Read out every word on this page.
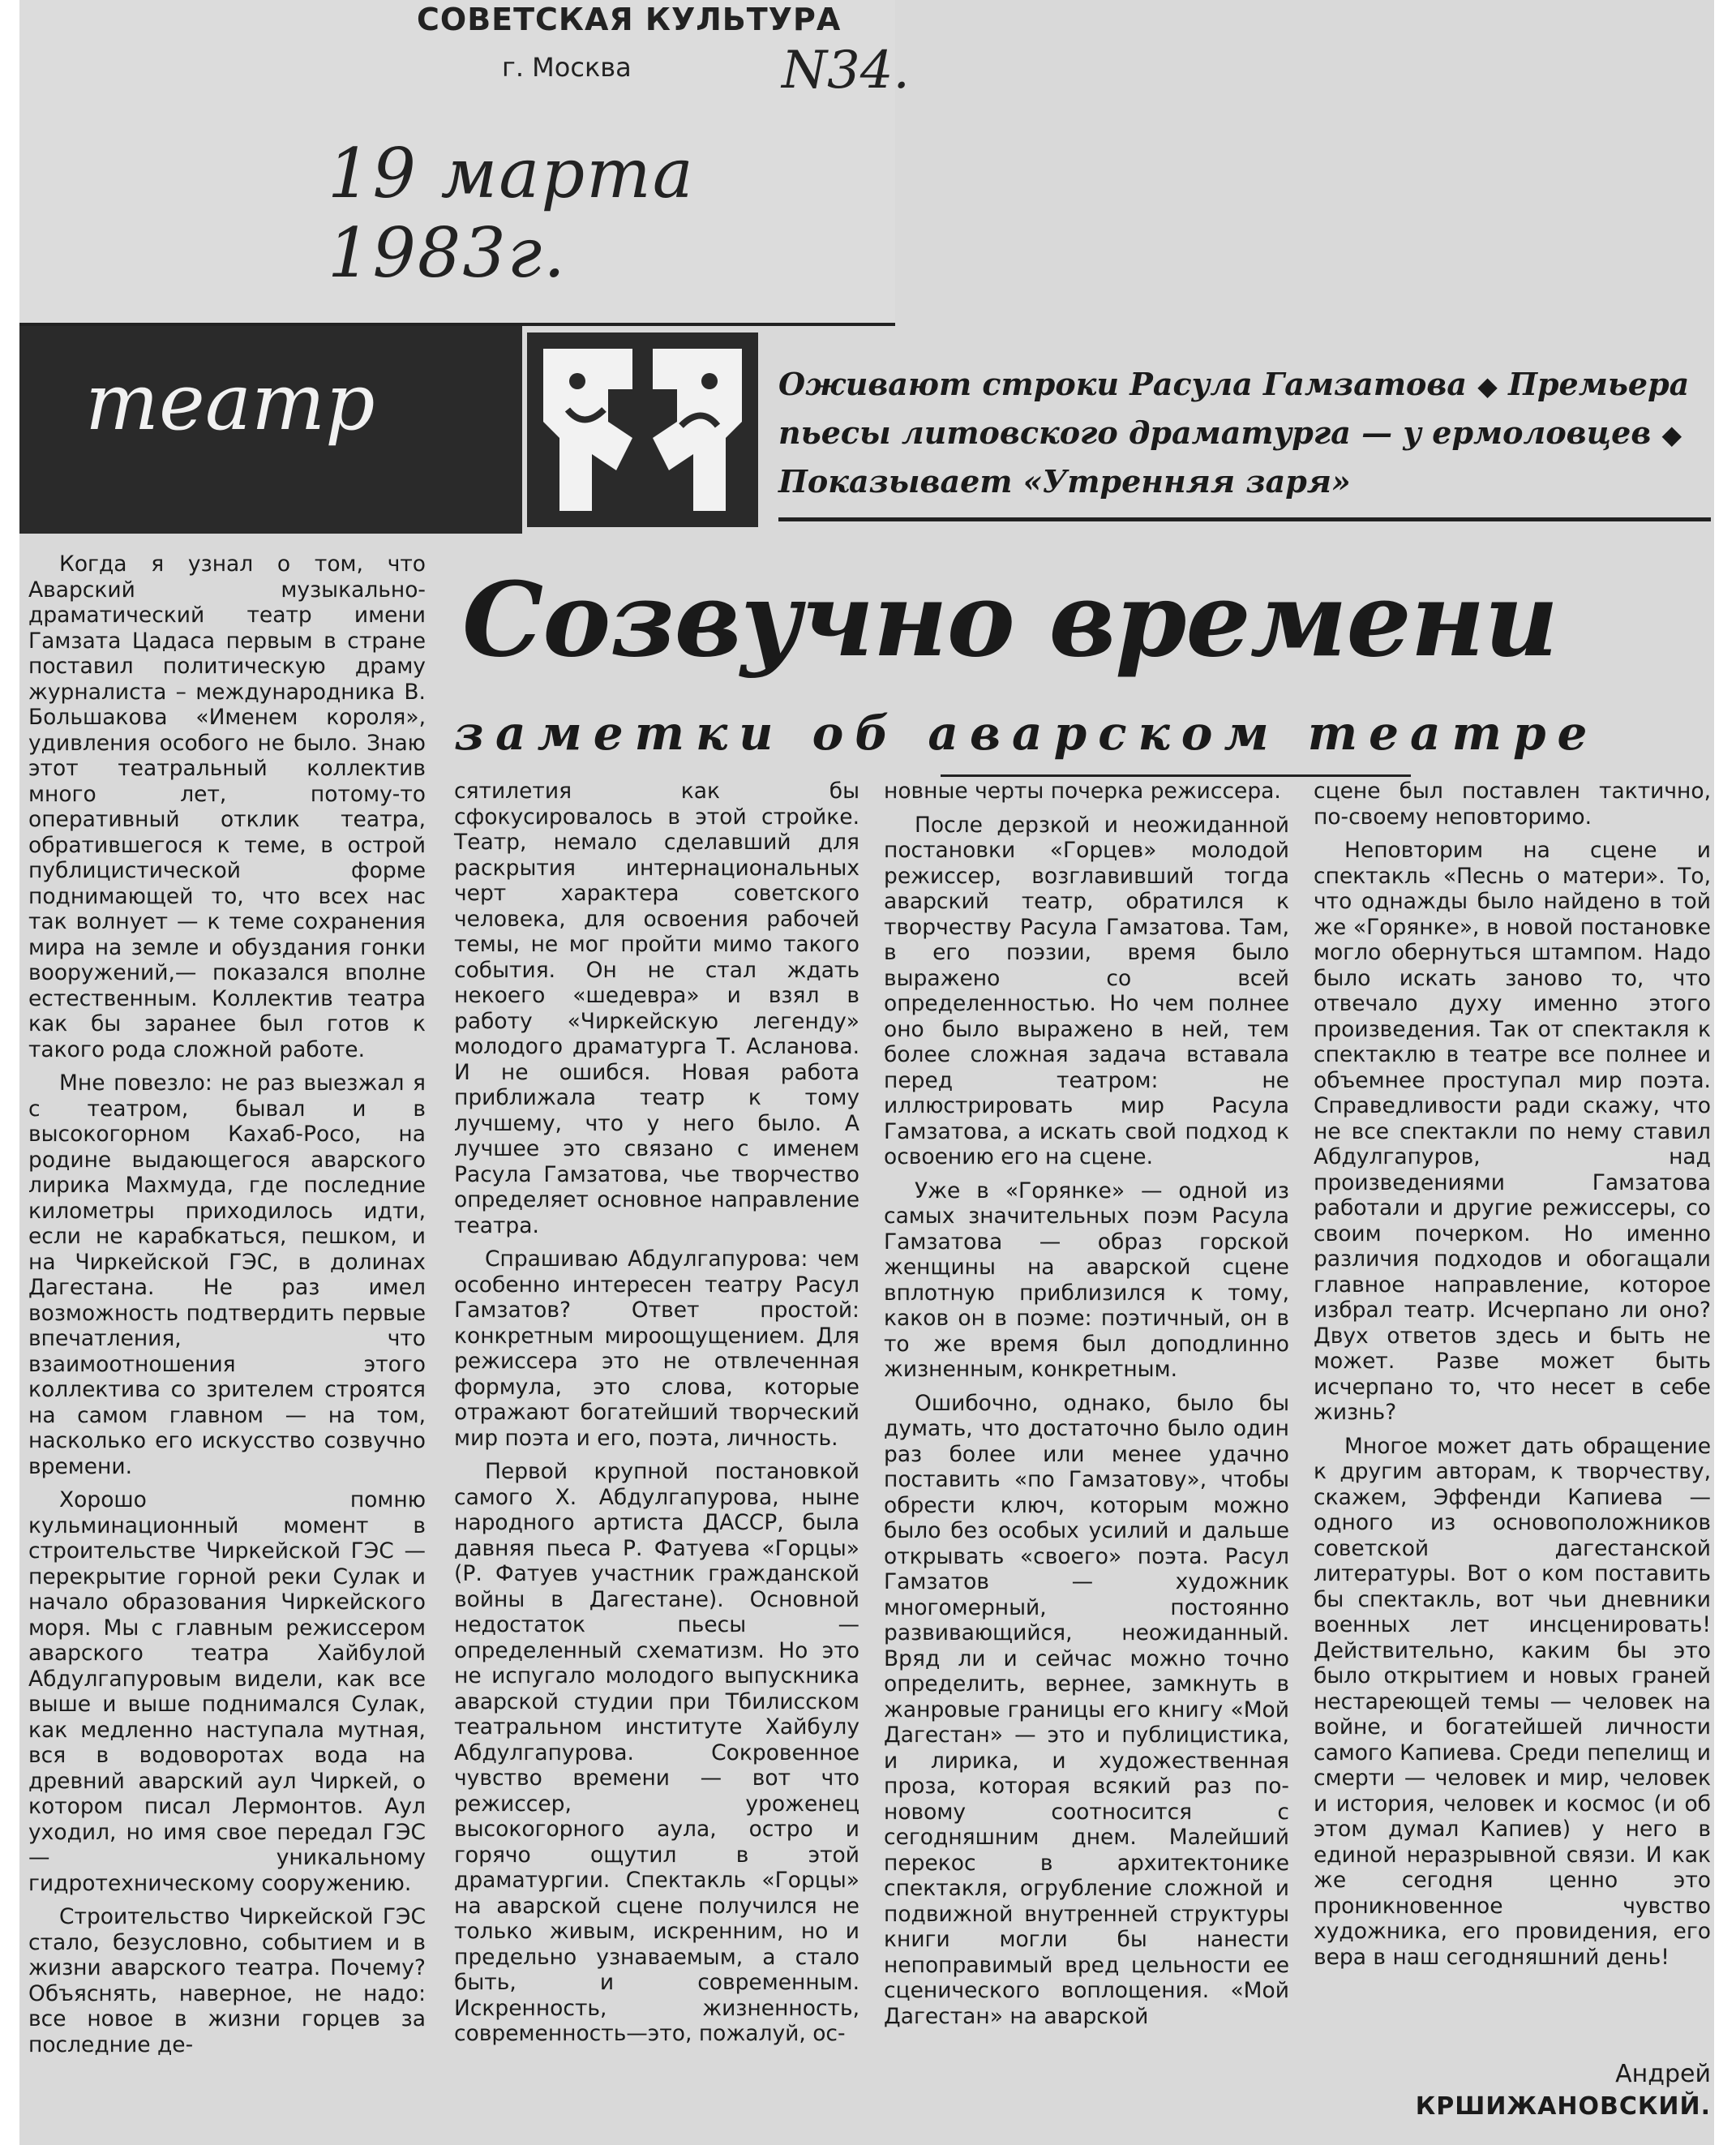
СОВЕТСКАЯ КУЛЬТУРА
г. Москва	N34.
19 марта 1983г.
театр	Оживают строки Расула Гамзатова ◆ Премьера пьесы литовского драматурга — у ермоловцев ◆ Показывает «Утренняя заря»
Созвучно времени
заметки об аварском театре

Когда я узнал о том, что Аварский музыкально-драматический театр имени Гамзата Цадаса первым в стране поставил политическую драму журналиста – международника В. Большакова «Именем короля», удивления особого не было. Знаю этот театральный коллектив много лет, потому-то оперативный отклик театра, обратившегося к теме, в острой публицистической форме поднимающей то, что всех нас так волнует — к теме сохранения мира на земле и обуздания гонки вооружений,— показался вполне естественным. Коллектив театра как бы заранее был готов к такого рода сложной работе.

Мне повезло: не раз выезжал я с театром, бывал и в высокогорном Кахаб-Росо, на родине выдающегося аварского лирика Махмуда, где последние километры приходилось идти, если не карабкаться, пешком, и на Чиркейской ГЭС, в долинах Дагестана. Не раз имел возможность подтвердить первые впечатления, что взаимоотношения этого коллектива со зрителем строятся на самом главном — на том, насколько его искусство созвучно времени.

Хорошо помню кульминационный момент в строительстве Чиркейской ГЭС — перекрытие горной реки Сулак и начало образования Чиркейского моря. Мы с главным режиссером аварского театра Хайбулой Абдулгапуровым видели, как все выше и выше поднимался Сулак, как медленно наступала мутная, вся в водоворотах вода на древний аварский аул Чиркей, о котором писал Лермонтов. Аул уходил, но имя свое передал ГЭС — уникальному гидротехническому сооружению.

Строительство Чиркейской ГЭС стало, безусловно, событием и в жизни аварского театра. Почему? Объяснять, наверное, не надо: все новое в жизни горцев за последние де-

сятилетия как бы сфокусировалось в этой стройке. Театр, немало сделавший для раскрытия интернациональных черт характера советского человека, для освоения рабочей темы, не мог пройти мимо такого события. Он не стал ждать некоего «шедевра» и взял в работу «Чиркейскую легенду» молодого драматурга Т. Асланова. И не ошибся. Новая работа приближала театр к тому лучшему, что у него было. А лучшее это связано с именем Расула Гамзатова, чье творчество определяет основное направление театра.

Спрашиваю Абдулгапурова: чем особенно интересен театру Расул Гамзатов? Ответ простой: конкретным мироощущением. Для режиссера это не отвлеченная формула, это слова, которые отражают богатейший творческий мир поэта и его, поэта, личность.

Первой крупной постановкой самого Х. Абдулгапурова, ныне народного артиста ДАССР, была давняя пьеса Р. Фатуева «Горцы» (Р. Фатуев участник гражданской войны в Дагестане). Основной недостаток пьесы — определенный схематизм. Но это не испугало молодого выпускника аварской студии при Тбилисском театральном институте Хайбулу Абдулгапурова. Сокровенное чувство времени — вот что режиссер, уроженец высокогорного аула, остро и горячо ощутил в этой драматургии. Спектакль «Горцы» на аварской сцене получился не только живым, искренним, но и предельно узнаваемым, а стало быть, и современным. Искренность, жизненность, современность—это, пожалуй, ос-

новные черты почерка режиссера.

После дерзкой и неожиданной постановки «Горцев» молодой режиссер, возглавивший тогда аварский театр, обратился к творчеству Расула Гамзатова. Там, в его поэзии, время было выражено со всей определенностью. Но чем полнее оно было выражено в ней, тем более сложная задача вставала перед театром: не иллюстрировать мир Расула Гамзатова, а искать свой подход к освоению его на сцене.

Уже в «Горянке» — одной из самых значительных поэм Расула Гамзатова — образ горской женщины на аварской сцене вплотную приблизился к тому, каков он в поэме: поэтичный, он в то же время был доподлинно жизненным, конкретным.

Ошибочно, однако, было бы думать, что достаточно было один раз более или менее удачно поставить «по Гамзатову», чтобы обрести ключ, которым можно было без особых усилий и дальше открывать «своего» поэта. Расул Гамзатов — художник многомерный, постоянно развивающийся, неожиданный. Вряд ли и сейчас можно точно определить, вернее, замкнуть в жанровые границы его книгу «Мой Дагестан» — это и публицистика, и лирика, и художественная проза, которая всякий раз по-новому соотносится с сегодняшним днем. Малейший перекос в архитектонике спектакля, огрубление сложной и подвижной внутренней структуры книги могли бы нанести непоправимый вред цельности ее сценического воплощения. «Мой Дагестан» на аварской

сцене был поставлен тактично, по-своему неповторимо.

Неповторим на сцене и спектакль «Песнь о матери». То, что однажды было найдено в той же «Горянке», в новой постановке могло обернуться штампом. Надо было искать заново то, что отвечало духу именно этого произведения. Так от спектакля к спектаклю в театре все полнее и объемнее проступал мир поэта. Справедливости ради скажу, что не все спектакли по нему ставил Абдулгапуров, над произведениями Гамзатова работали и другие режиссеры, со своим почерком. Но именно различия подходов и обогащали главное направление, которое избрал театр. Исчерпано ли оно? Двух ответов здесь и быть не может. Разве может быть исчерпано то, что несет в себе жизнь?

Многое может дать обращение к другим авторам, к творчеству, скажем, Эффенди Капиева — одного из основоположников советской дагестанской литературы. Вот о ком поставить бы спектакль, вот чьи дневники военных лет инсценировать! Действительно, каким бы это было открытием и новых граней нестареющей темы — человек на войне, и богатейшей личности самого Капиева. Среди пепелищ и смерти — человек и мир, человек и история, человек и космос (и об этом думал Капиев) у него в единой неразрывной связи. И как же сегодня ценно это проникновенное чувство художника, его провидения, его вера в наш сегодняшний день!

Андрей
КРШИЖАНОВСКИЙ.
